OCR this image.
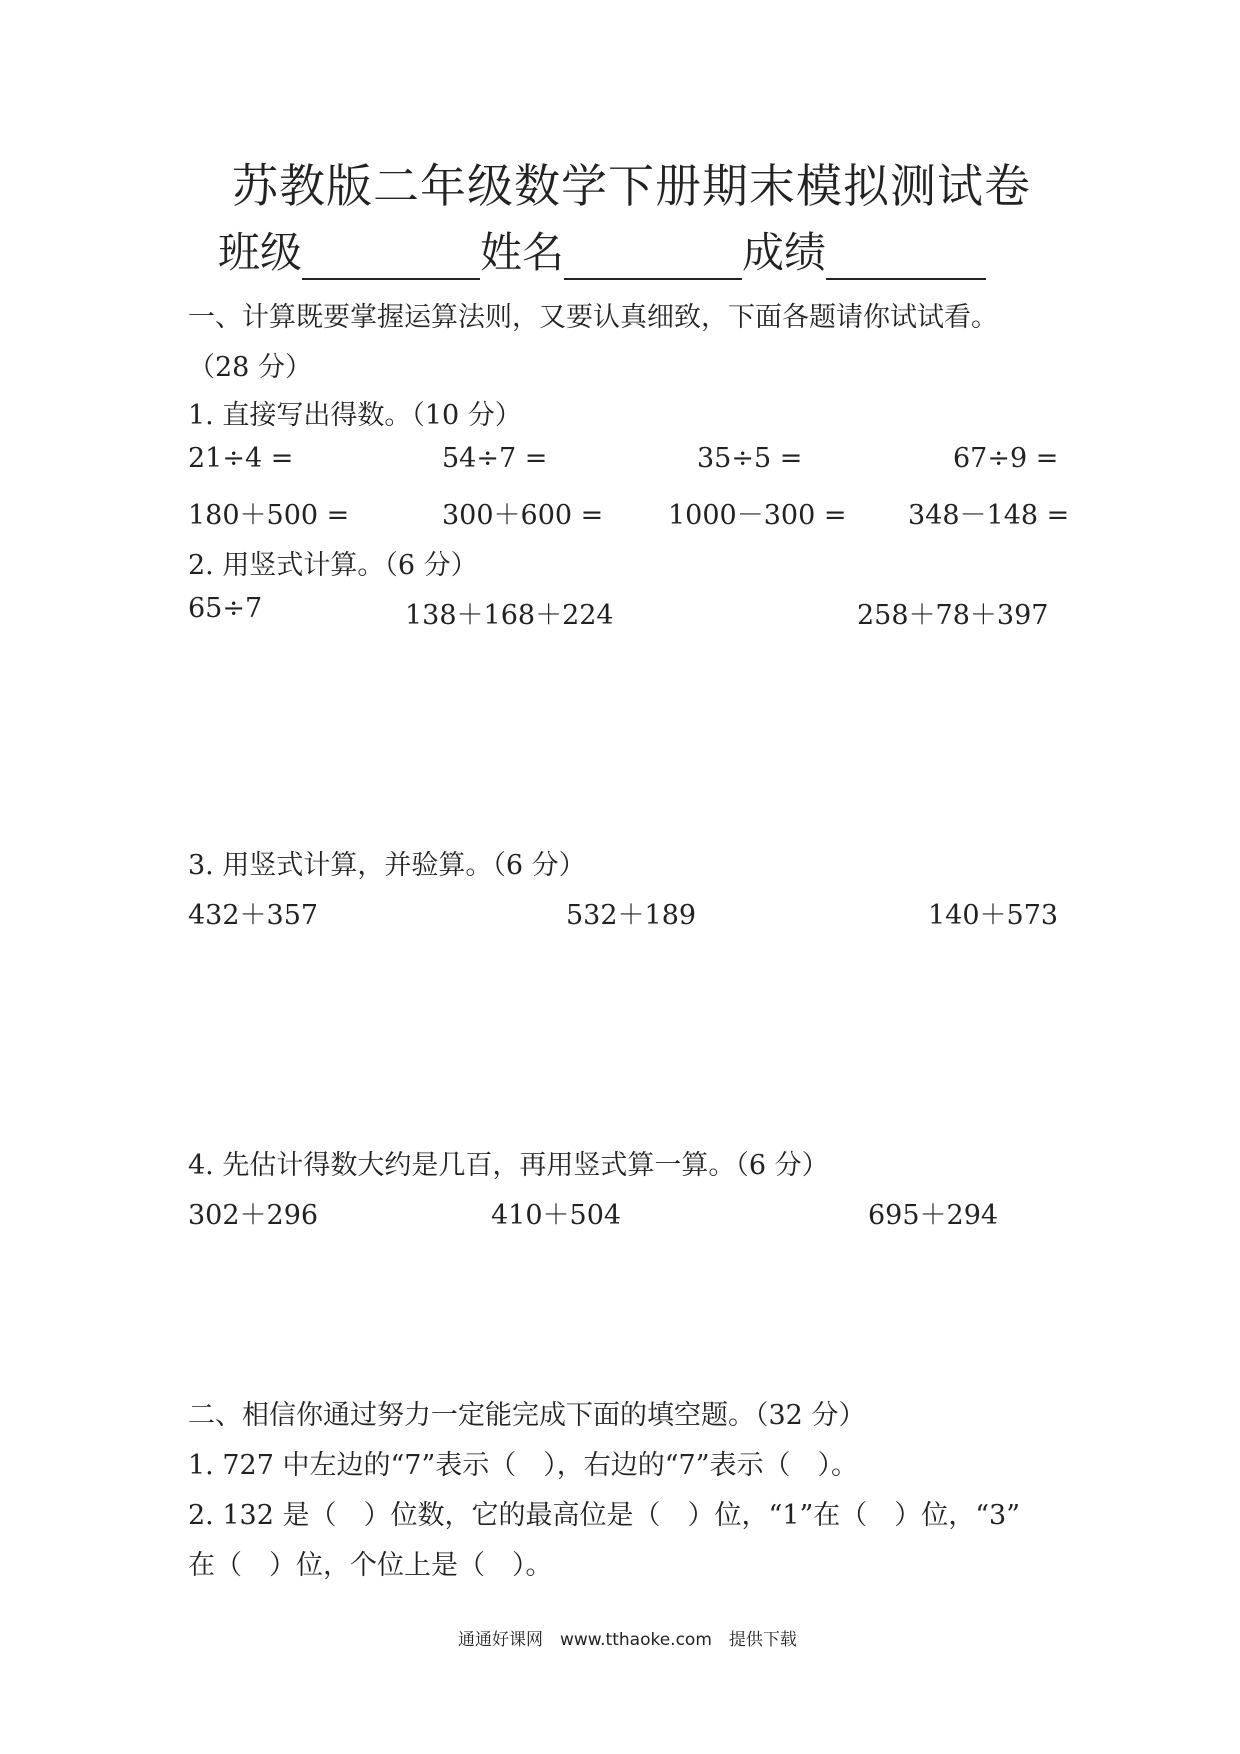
苏教版二年级数学下册期末模拟测试卷
班级	姓名	成绩
一、计算既要掌握运算法则，又要认真细致，下面各题请你试试看。
（28 分）
1. 直接写出得数。（10 分）
21÷4 =	54÷7 =	35÷5 =	67÷9 =
180＋500 =	300＋600 = 1000－300 = 348－148 =
2. 用竖式计算。（6 分）
65÷7	138＋168＋224	258＋78＋397
3. 用竖式计算，并验算。（6 分）
432＋357	532＋189	140＋573
4. 先估计得数大约是几百，再用竖式算一算。（6 分）
302＋296	410＋504	695＋294
二、相信你通过努力一定能完成下面的填空题。（32 分）
1. 727 中左边的“7”表示（　），右边的“7”表示（　）。
2. 132 是（　）位数，它的最高位是（　）位，“1”在（　）位，“3”
在（　）位，个位上是（　）。
通通好课网　www.tthaoke.com　提供下载
